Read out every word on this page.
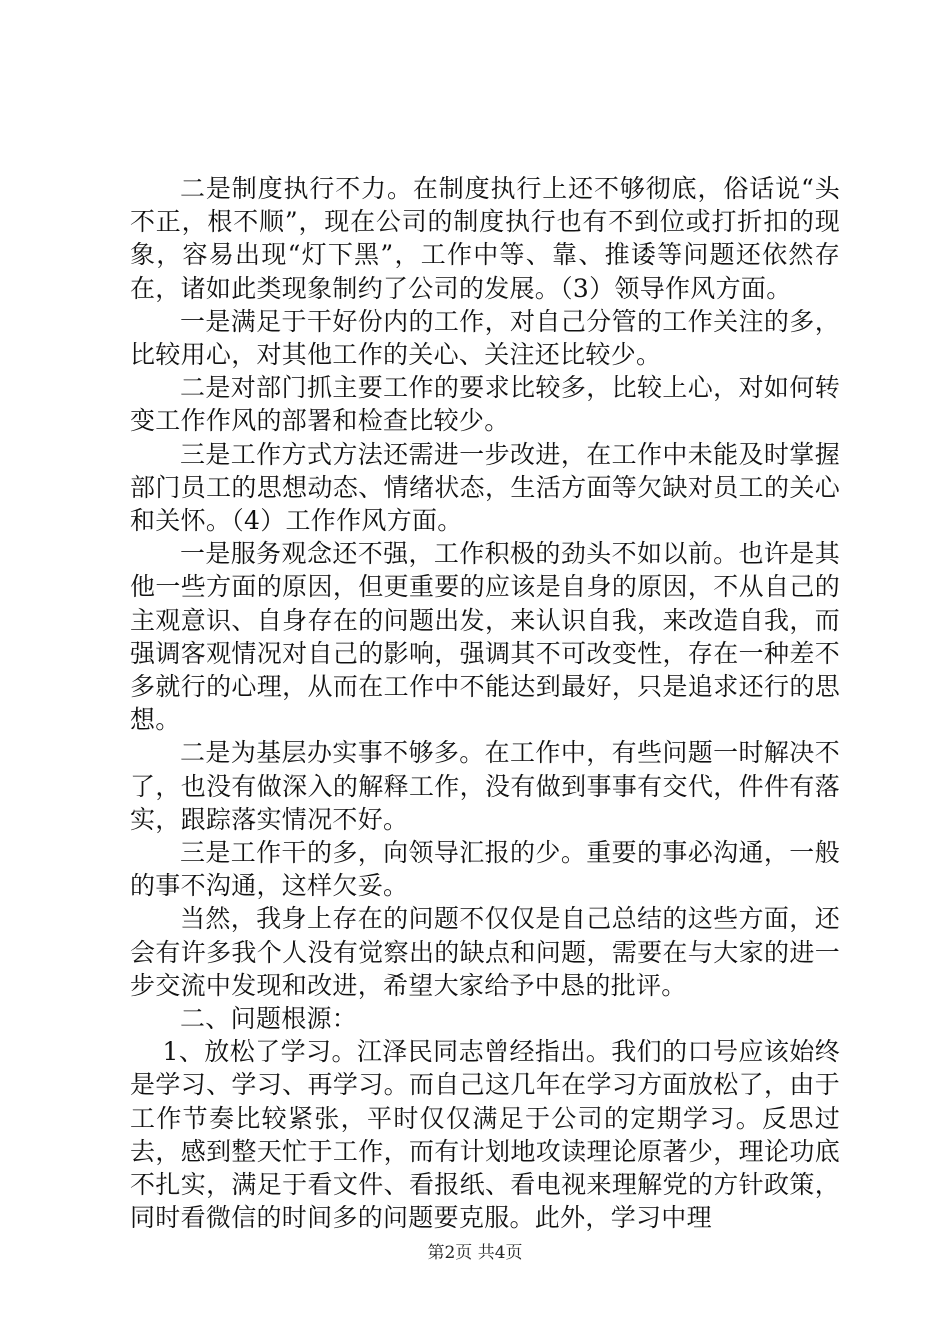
二是制度执行不力。在制度执行上还不够彻底，俗话说“头不正，根不顺”，现在公司的制度执行也有不到位或打折扣的现象，容易出现“灯下黑”，工作中等、靠、推诿等问题还依然存在，诸如此类现象制约了公司的发展。（3）领导作风方面。

一是满足于干好份内的工作，对自己分管的工作关注的多，比较用心，对其他工作的关心、关注还比较少。

二是对部门抓主要工作的要求比较多，比较上心，对如何转变工作作风的部署和检查比较少。

三是工作方式方法还需进一步改进，在工作中未能及时掌握部门员工的思想动态、情绪状态，生活方面等欠缺对员工的关心和关怀。（4）工作作风方面。

一是服务观念还不强，工作积极的劲头不如以前。也许是其他一些方面的原因，但更重要的应该是自身的原因，不从自己的主观意识、自身存在的问题出发，来认识自我，来改造自我，而强调客观情况对自己的影响，强调其不可改变性，存在一种差不多就行的心理，从而在工作中不能达到最好，只是追求还行的思想。

二是为基层办实事不够多。在工作中，有些问题一时解决不了，也没有做深入的解释工作，没有做到事事有交代，件件有落实，跟踪落实情况不好。

三是工作干的多，向领导汇报的少。重要的事必沟通，一般的事不沟通，这样欠妥。

当然，我身上存在的问题不仅仅是自己总结的这些方面，还会有许多我个人没有觉察出的缺点和问题，需要在与大家的进一步交流中发现和改进，希望大家给予中恳的批评。

二、问题根源：

1、放松了学习。江泽民同志曾经指出。我们的口号应该始终是学习、学习、再学习。而自己这几年在学习方面放松了，由于工作节奏比较紧张，平时仅仅满足于公司的定期学习。反思过去，感到整天忙于工作，而有计划地攻读理论原著少，理论功底不扎实，满足于看文件、看报纸、看电视来理解党的方针政策，同时看微信的时间多的问题要克服。此外，学习中理

第2页 共4页
